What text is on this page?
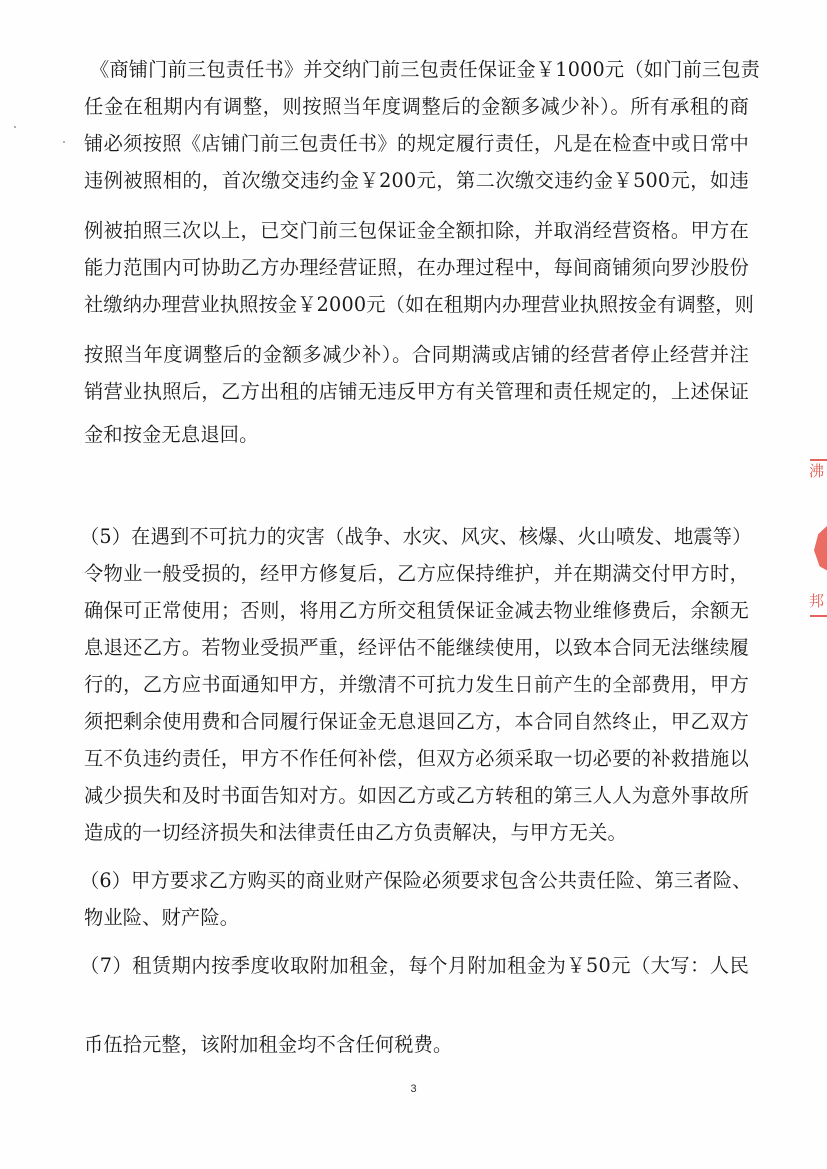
《商铺门前三包责任书》并交纳门前三包责任保证金￥1000元（如门前三包责
任金在租期内有调整，则按照当年度调整后的金额多减少补）。所有承租的商
铺必须按照《店铺门前三包责任书》的规定履行责任，凡是在检查中或日常中
违例被照相的，首次缴交违约金￥200元，第二次缴交违约金￥500元，如违
例被拍照三次以上，已交门前三包保证金全额扣除，并取消经营资格。甲方在
能力范围内可协助乙方办理经营证照，在办理过程中，每间商铺须向罗沙股份
社缴纳办理营业执照按金￥2000元（如在租期内办理营业执照按金有调整，则
按照当年度调整后的金额多减少补）。合同期满或店铺的经营者停止经营并注
销营业执照后，乙方出租的店铺无违反甲方有关管理和责任规定的，上述保证
金和按金无息退回。
（5）在遇到不可抗力的灾害（战争、水灾、风灾、核爆、火山喷发、地震等）
令物业一般受损的，经甲方修复后，乙方应保持维护，并在期满交付甲方时，
确保可正常使用；否则，将用乙方所交租赁保证金减去物业维修费后，余额无
息退还乙方。若物业受损严重，经评估不能继续使用，以致本合同无法继续履
行的，乙方应书面通知甲方，并缴清不可抗力发生日前产生的全部费用，甲方
须把剩余使用费和合同履行保证金无息退回乙方，本合同自然终止，甲乙双方
互不负违约责任，甲方不作任何补偿，但双方必须采取一切必要的补救措施以
减少损失和及时书面告知对方。如因乙方或乙方转租的第三人人为意外事故所
造成的一切经济损失和法律责任由乙方负责解决，与甲方无关。
（6）甲方要求乙方购买的商业财产保险必须要求包含公共责任险、第三者险、
物业险、财产险。
（7）租赁期内按季度收取附加租金，每个月附加租金为￥50元（大写：人民
币伍拾元整，该附加租金均不含任何税费。
3
沸
邦
